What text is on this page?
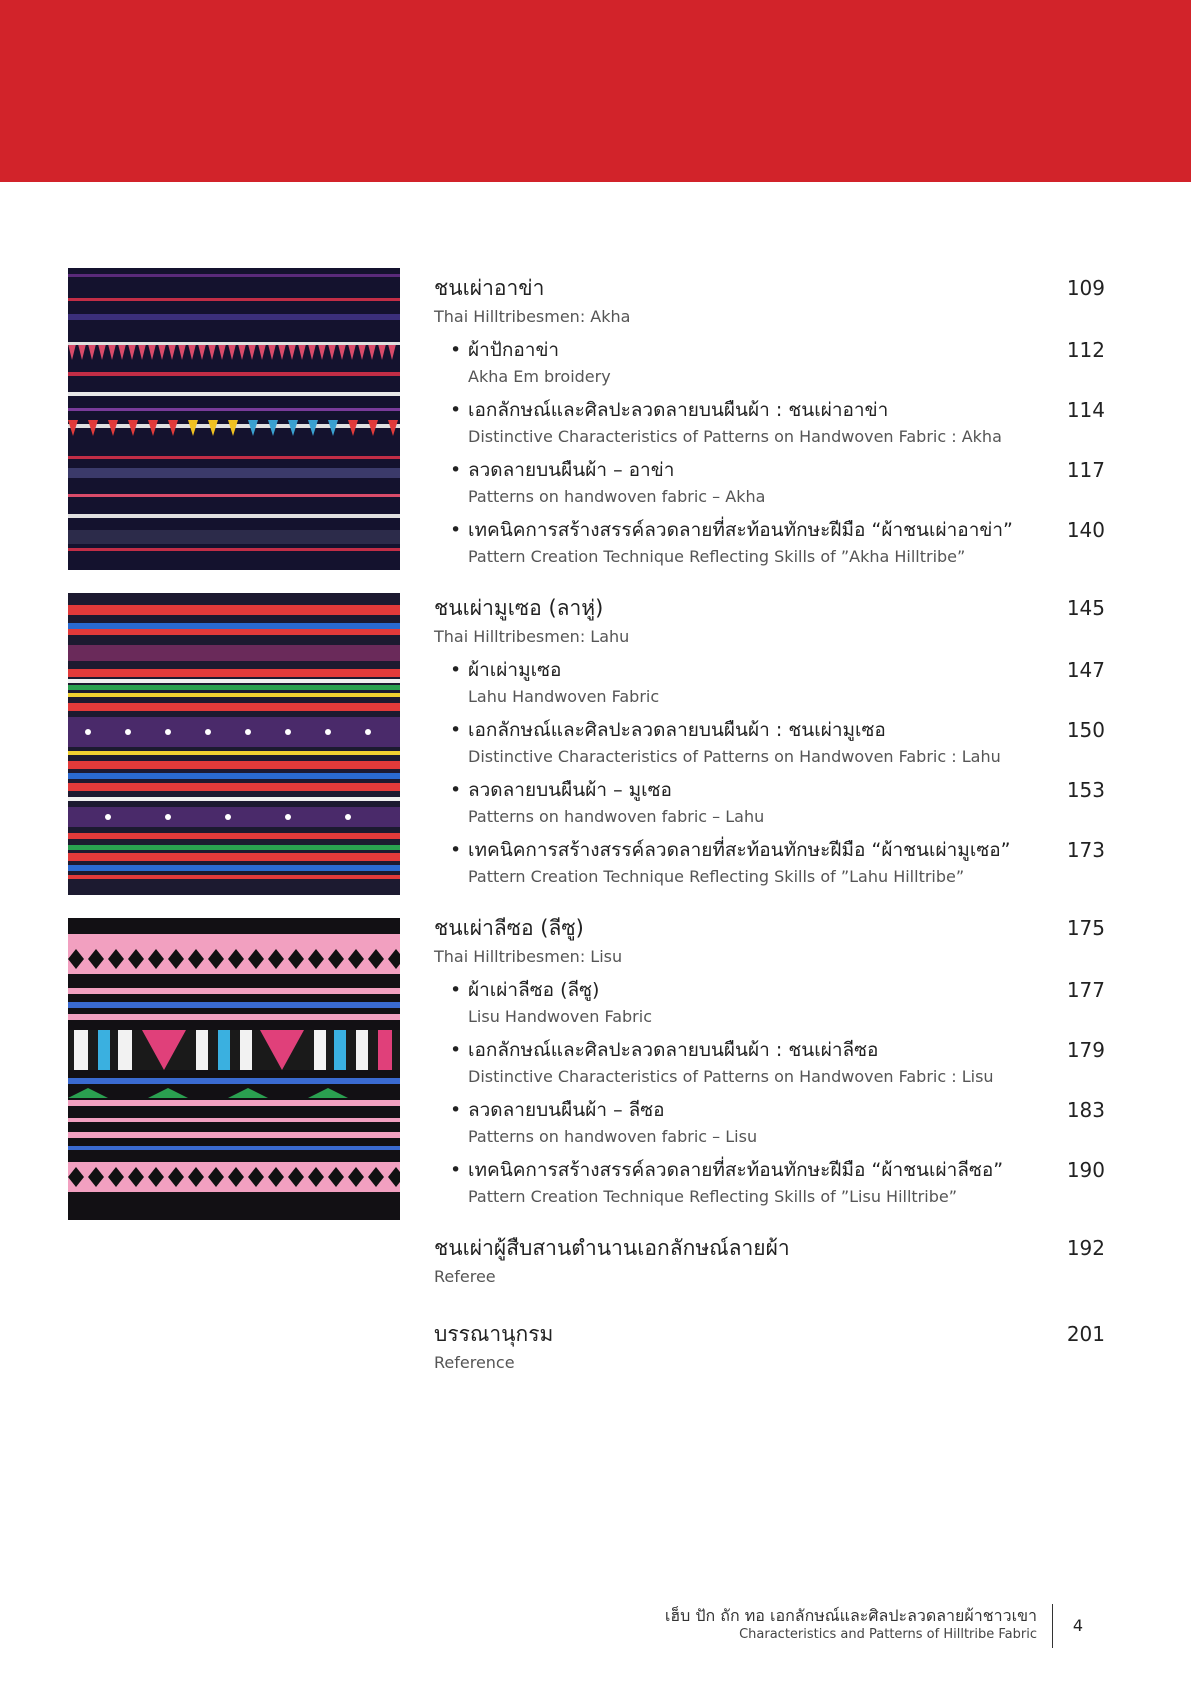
ชนเผ่าอาข่า	109
Thai Hilltribesmen: Akha
• ผ้าปักอาข่า	112
Akha Em broidery
• เอกลักษณ์และศิลปะลวดลายบนผืนผ้า : ชนเผ่าอาข่า	114
Distinctive Characteristics of Patterns on Handwoven Fabric : Akha
• ลวดลายบนผืนผ้า – อาข่า	117
Patterns on handwoven fabric – Akha
• เทคนิคการสร้างสรรค์ลวดลายที่สะท้อนทักษะฝีมือ “ผ้าชนเผ่าอาข่า”	140
Pattern Creation Technique Reflecting Skills of ”Akha Hilltribe”
ชนเผ่ามูเซอ (ลาหู่)	145
Thai Hilltribesmen: Lahu
• ผ้าเผ่ามูเซอ	147
Lahu Handwoven Fabric
• เอกลักษณ์และศิลปะลวดลายบนผืนผ้า : ชนเผ่ามูเซอ	150
Distinctive Characteristics of Patterns on Handwoven Fabric : Lahu
• ลวดลายบนผืนผ้า – มูเซอ	153
Patterns on handwoven fabric – Lahu
• เทคนิคการสร้างสรรค์ลวดลายที่สะท้อนทักษะฝีมือ “ผ้าชนเผ่ามูเซอ”	173
Pattern Creation Technique Reflecting Skills of ”Lahu Hilltribe”
ชนเผ่าลีซอ (ลีซู)	175
Thai Hilltribesmen: Lisu
• ผ้าเผ่าลีซอ (ลีซู)	177
Lisu Handwoven Fabric
• เอกลักษณ์และศิลปะลวดลายบนผืนผ้า : ชนเผ่าลีซอ	179
Distinctive Characteristics of Patterns on Handwoven Fabric : Lisu
• ลวดลายบนผืนผ้า – ลีซอ	183
Patterns on handwoven fabric – Lisu
• เทคนิคการสร้างสรรค์ลวดลายที่สะท้อนทักษะฝีมือ “ผ้าชนเผ่าลีซอ”	190
Pattern Creation Technique Reflecting Skills of ”Lisu Hilltribe”
ชนเผ่าผู้สืบสานตำนานเอกลักษณ์ลายผ้า	192
Referee
บรรณานุกรม	201
Reference
เฮ็บ ปัก ถัก ทอ เอกลักษณ์และศิลปะลวดลายผ้าชาวเขา
Characteristics and Patterns of Hilltribe Fabric 4
